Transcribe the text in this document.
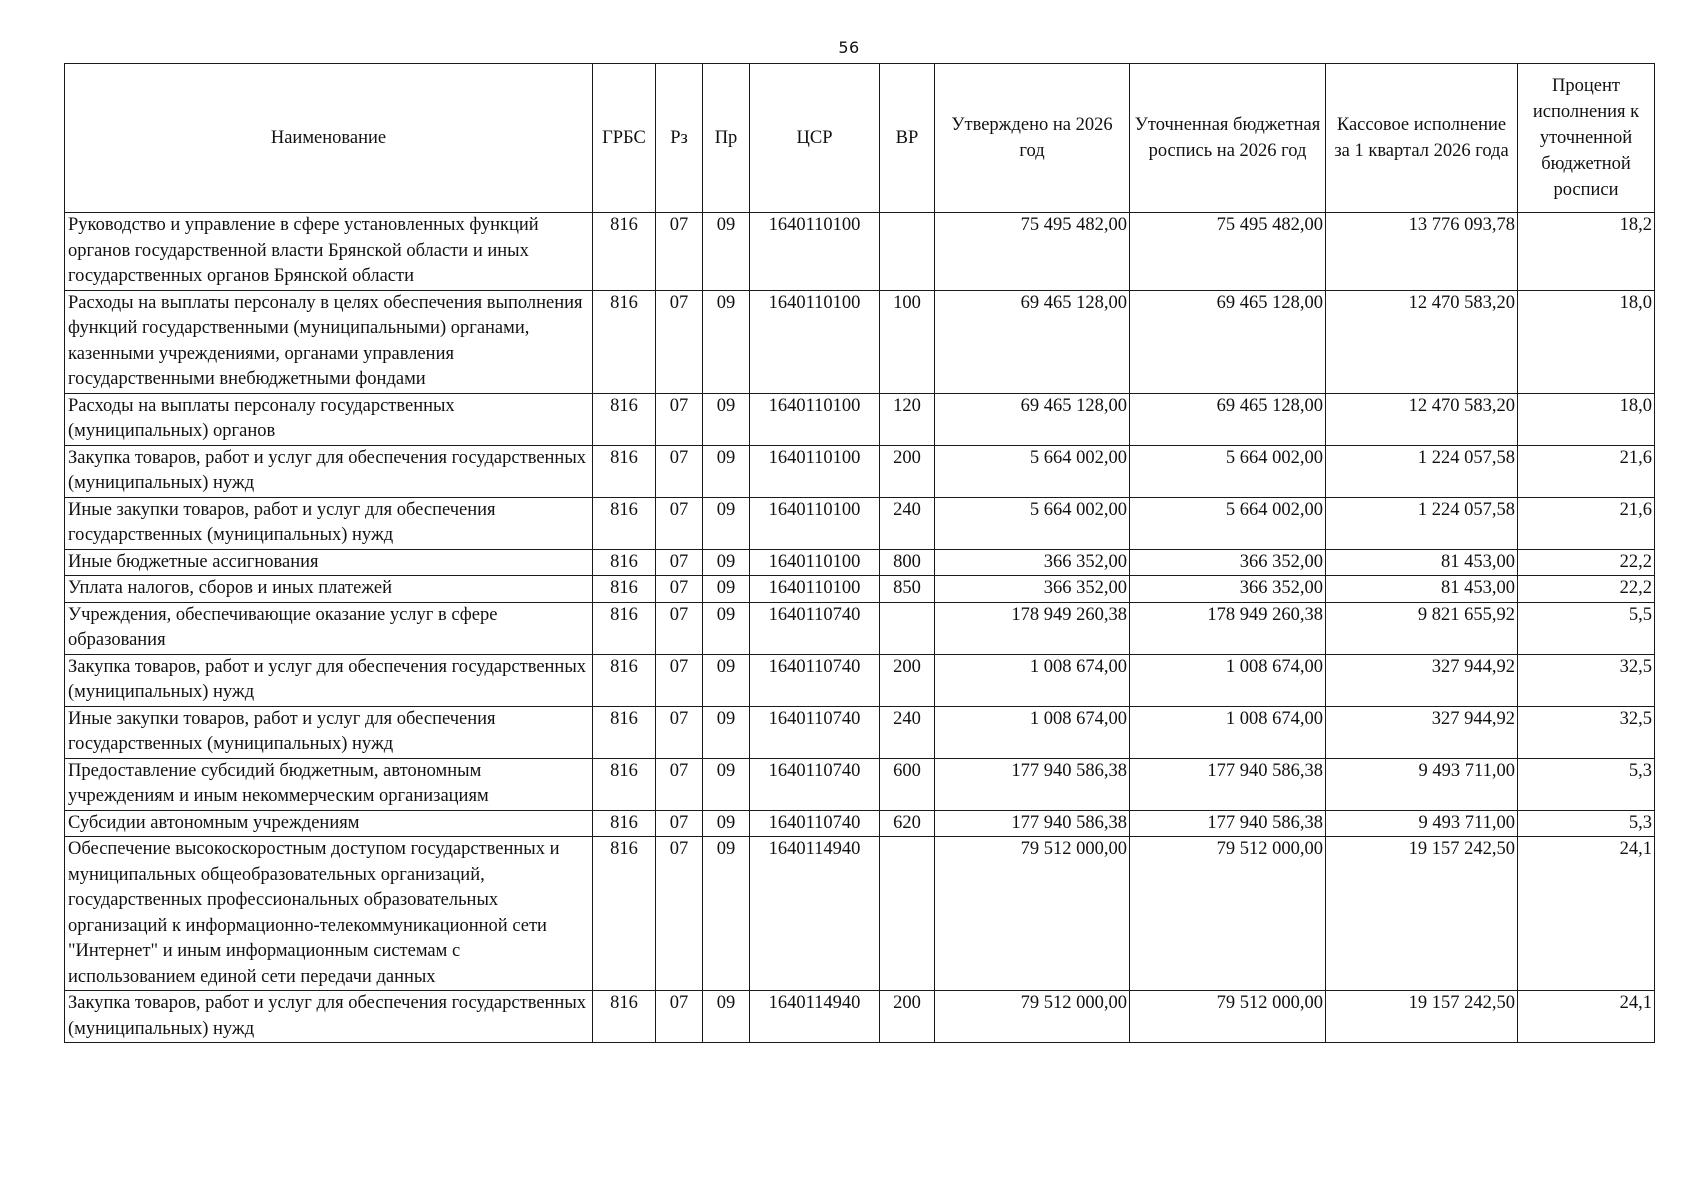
56
Наименование	ГРБС	Рз	Пр	ЦСР	ВР	Утверждено на 2026 год	Уточненная бюджетная роспись на 2026 год	Кассовое исполнение за 1 квартал 2026 года	Процент исполнения к уточненной бюджетной росписи
Руководство и управление в сфере установленных функций органов государственной власти Брянской области и иных государственных органов Брянской области	816	07	09	1640110100		75 495 482,00	75 495 482,00	13 776 093,78	18,2
Расходы на выплаты персоналу в целях обеспечения выполнения функций государственными (муниципальными) органами, казенными учреждениями, органами управления государственными внебюджетными фондами	816	07	09	1640110100	100	69 465 128,00	69 465 128,00	12 470 583,20	18,0
Расходы на выплаты персоналу государственных (муниципальных) органов	816	07	09	1640110100	120	69 465 128,00	69 465 128,00	12 470 583,20	18,0
Закупка товаров, работ и услуг для обеспечения государственных (муниципальных) нужд	816	07	09	1640110100	200	5 664 002,00	5 664 002,00	1 224 057,58	21,6
Иные закупки товаров, работ и услуг для обеспечения государственных (муниципальных) нужд	816	07	09	1640110100	240	5 664 002,00	5 664 002,00	1 224 057,58	21,6
Иные бюджетные ассигнования	816	07	09	1640110100	800	366 352,00	366 352,00	81 453,00	22,2
Уплата налогов, сборов и иных платежей	816	07	09	1640110100	850	366 352,00	366 352,00	81 453,00	22,2
Учреждения, обеспечивающие оказание услуг в сфере образования	816	07	09	1640110740		178 949 260,38	178 949 260,38	9 821 655,92	5,5
Закупка товаров, работ и услуг для обеспечения государственных (муниципальных) нужд	816	07	09	1640110740	200	1 008 674,00	1 008 674,00	327 944,92	32,5
Иные закупки товаров, работ и услуг для обеспечения государственных (муниципальных) нужд	816	07	09	1640110740	240	1 008 674,00	1 008 674,00	327 944,92	32,5
Предоставление субсидий бюджетным, автономным учреждениям и иным некоммерческим организациям	816	07	09	1640110740	600	177 940 586,38	177 940 586,38	9 493 711,00	5,3
Субсидии автономным учреждениям	816	07	09	1640110740	620	177 940 586,38	177 940 586,38	9 493 711,00	5,3
Обеспечение высокоскоростным доступом государственных и муниципальных общеобразовательных организаций, государственных профессиональных образовательных организаций к информационно-телекоммуникационной сети "Интернет" и иным информационным системам с использованием единой сети передачи данных	816	07	09	1640114940		79 512 000,00	79 512 000,00	19 157 242,50	24,1
Закупка товаров, работ и услуг для обеспечения государственных (муниципальных) нужд	816	07	09	1640114940	200	79 512 000,00	79 512 000,00	19 157 242,50	24,1
